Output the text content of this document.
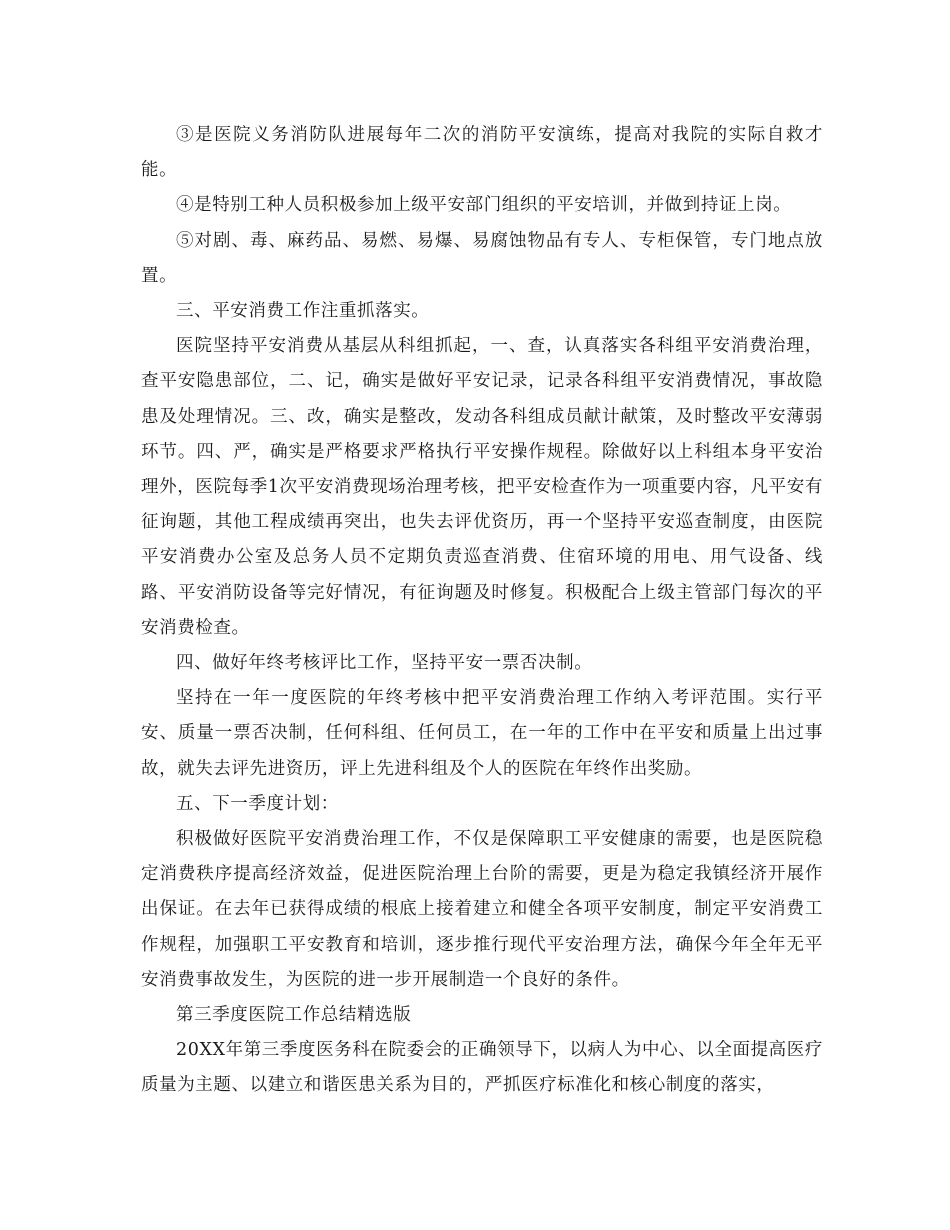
③是医院义务消防队进展每年二次的消防平安演练，提高对我院的实际自救才能。

④是特别工种人员积极参加上级平安部门组织的平安培训，并做到持证上岗。

⑤对剧、毒、麻药品、易燃、易爆、易腐蚀物品有专人、专柜保管，专门地点放置。

三、平安消费工作注重抓落实。

医院坚持平安消费从基层从科组抓起，一、查，认真落实各科组平安消费治理，查平安隐患部位，二、记，确实是做好平安记录，记录各科组平安消费情况，事故隐患及处理情况。三、改，确实是整改，发动各科组成员献计献策，及时整改平安薄弱环节。四、严，确实是严格要求严格执行平安操作规程。除做好以上科组本身平安治理外，医院每季1次平安消费现场治理考核，把平安检查作为一项重要内容，凡平安有征询题，其他工程成绩再突出，也失去评优资历，再一个坚持平安巡查制度，由医院平安消费办公室及总务人员不定期负责巡查消费、住宿环境的用电、用气设备、线路、平安消防设备等完好情况，有征询题及时修复。积极配合上级主管部门每次的平安消费检查。

四、做好年终考核评比工作，坚持平安一票否决制。

坚持在一年一度医院的年终考核中把平安消费治理工作纳入考评范围。实行平安、质量一票否决制，任何科组、任何员工，在一年的工作中在平安和质量上出过事故，就失去评先进资历，评上先进科组及个人的医院在年终作出奖励。

五、下一季度计划：

积极做好医院平安消费治理工作，不仅是保障职工平安健康的需要，也是医院稳定消费秩序提高经济效益，促进医院治理上台阶的需要，更是为稳定我镇经济开展作出保证。在去年已获得成绩的根底上接着建立和健全各项平安制度，制定平安消费工作规程，加强职工平安教育和培训，逐步推行现代平安治理方法，确保今年全年无平安消费事故发生，为医院的进一步开展制造一个良好的条件。

第三季度医院工作总结精选版

20XX年第三季度医务科在院委会的正确领导下，以病人为中心、以全面提高医疗质量为主题、以建立和谐医患关系为目的，严抓医疗标准化和核心制度的落实，
